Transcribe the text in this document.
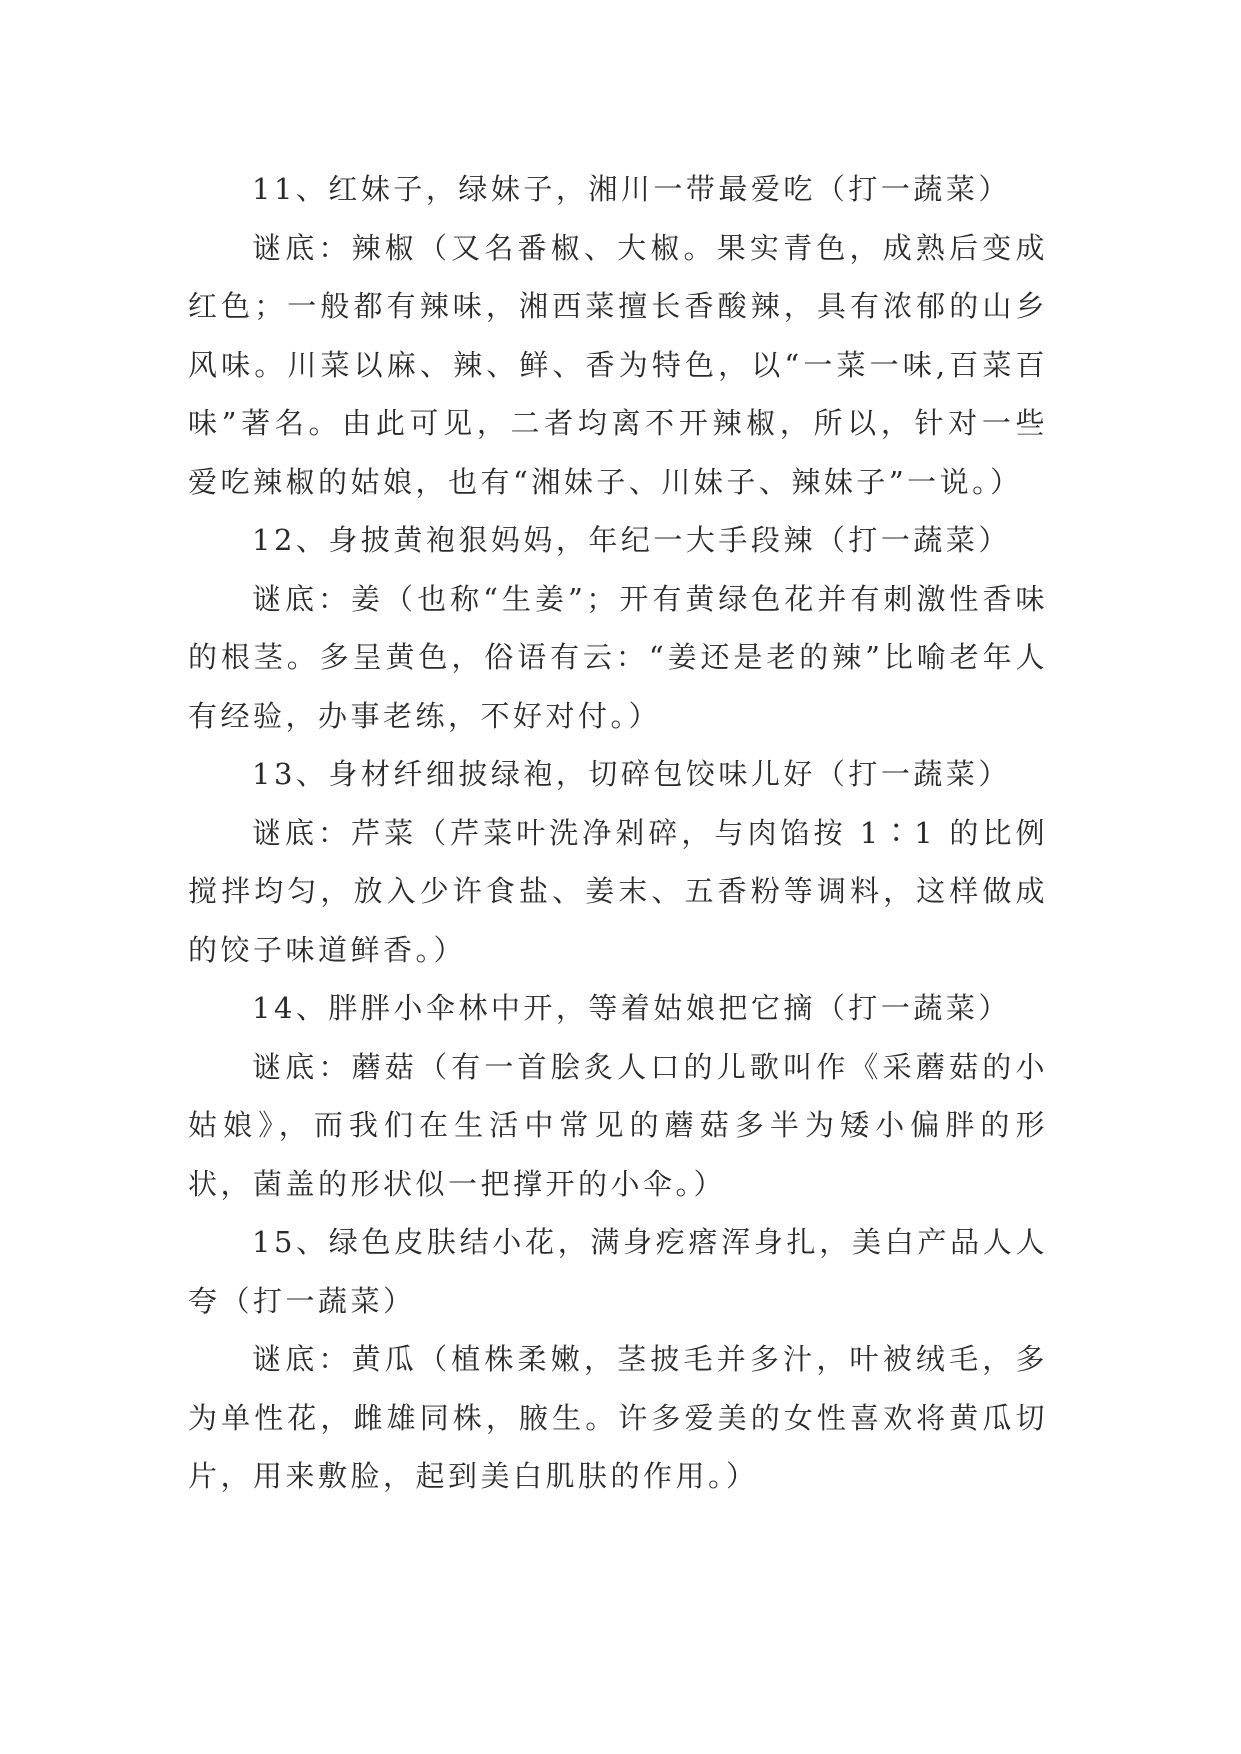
11、红妹子，绿妹子，湘川一带最爱吃（打一蔬菜）

谜底：辣椒（又名番椒、大椒。果实青色，成熟后变成红色；一般都有辣味，湘西菜擅长香酸辣，具有浓郁的山乡风味。川菜以麻、辣、鲜、香为特色，以“一菜一味,百菜百味”著名。由此可见，二者均离不开辣椒，所以，针对一些爱吃辣椒的姑娘，也有“湘妹子、川妹子、辣妹子”一说。）

12、身披黄袍狠妈妈，年纪一大手段辣（打一蔬菜）

谜底：姜（也称“生姜”；开有黄绿色花并有刺激性香味的根茎。多呈黄色，俗语有云：“姜还是老的辣”比喻老年人有经验，办事老练，不好对付。）

13、身材纤细披绿袍，切碎包饺味儿好（打一蔬菜）

谜底：芹菜（芹菜叶洗净剁碎，与肉馅按 1∶1 的比例搅拌均匀，放入少许食盐、姜末、五香粉等调料，这样做成的饺子味道鲜香。）

14、胖胖小伞林中开，等着姑娘把它摘（打一蔬菜）

谜底：蘑菇（有一首脍炙人口的儿歌叫作《采蘑菇的小姑娘》，而我们在生活中常见的蘑菇多半为矮小偏胖的形状，菌盖的形状似一把撑开的小伞。）

15、绿色皮肤结小花，满身疙瘩浑身扎，美白产品人人夸（打一蔬菜）

谜底：黄瓜（植株柔嫩，茎披毛并多汁，叶被绒毛，多为单性花，雌雄同株，腋生。许多爱美的女性喜欢将黄瓜切片，用来敷脸，起到美白肌肤的作用。）
